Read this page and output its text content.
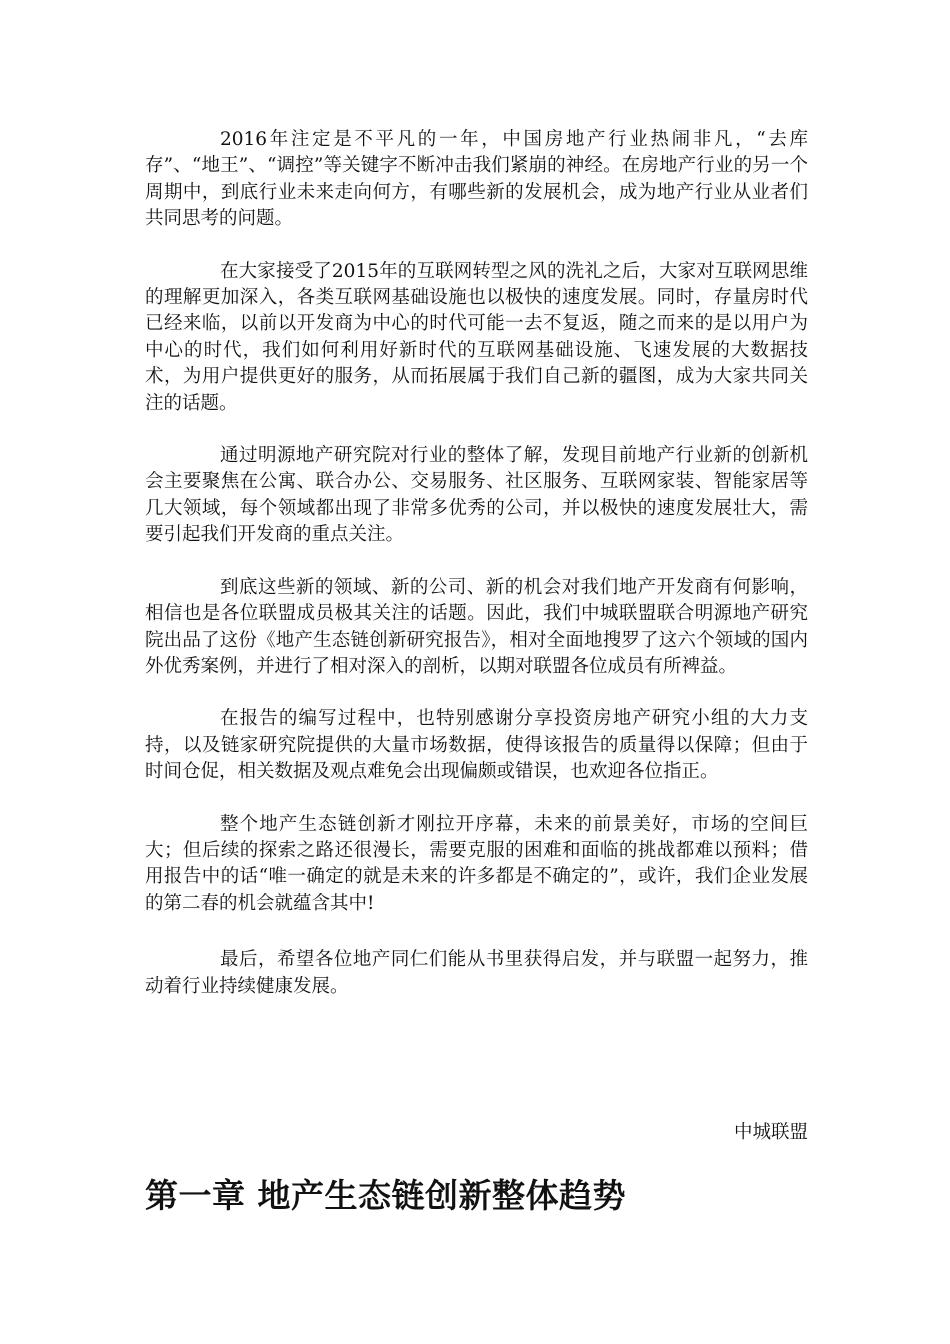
2016年注定是不平凡的一年，中国房地产行业热闹非凡，“去库存”、“地王”、“调控”等关键字不断冲击我们紧崩的神经。在房地产行业的另一个周期中，到底行业未来走向何方，有哪些新的发展机会，成为地产行业从业者们共同思考的问题。

在大家接受了2015年的互联网转型之风的洗礼之后，大家对互联网思维的理解更加深入，各类互联网基础设施也以极快的速度发展。同时，存量房时代已经来临，以前以开发商为中心的时代可能一去不复返，随之而来的是以用户为中心的时代，我们如何利用好新时代的互联网基础设施、飞速发展的大数据技术，为用户提供更好的服务，从而拓展属于我们自己新的疆图，成为大家共同关注的话题。

通过明源地产研究院对行业的整体了解，发现目前地产行业新的创新机会主要聚焦在公寓、联合办公、交易服务、社区服务、互联网家装、智能家居等几大领域，每个领域都出现了非常多优秀的公司，并以极快的速度发展壮大，需要引起我们开发商的重点关注。

到底这些新的领域、新的公司、新的机会对我们地产开发商有何影响，相信也是各位联盟成员极其关注的话题。因此，我们中城联盟联合明源地产研究院出品了这份《地产生态链创新研究报告》，相对全面地搜罗了这六个领域的国内外优秀案例，并进行了相对深入的剖析，以期对联盟各位成员有所裨益。

在报告的编写过程中，也特别感谢分享投资房地产研究小组的大力支持，以及链家研究院提供的大量市场数据，使得该报告的质量得以保障；但由于时间仓促，相关数据及观点难免会出现偏颇或错误，也欢迎各位指正。

整个地产生态链创新才刚拉开序幕，未来的前景美好，市场的空间巨大；但后续的探索之路还很漫长，需要克服的困难和面临的挑战都难以预料；借用报告中的话“唯一确定的就是未来的许多都是不确定的”，或许，我们企业发展的第二春的机会就蕴含其中!

最后，希望各位地产同仁们能从书里获得启发，并与联盟一起努力，推动着行业持续健康发展。

中城联盟
第一章 地产生态链创新整体趋势
